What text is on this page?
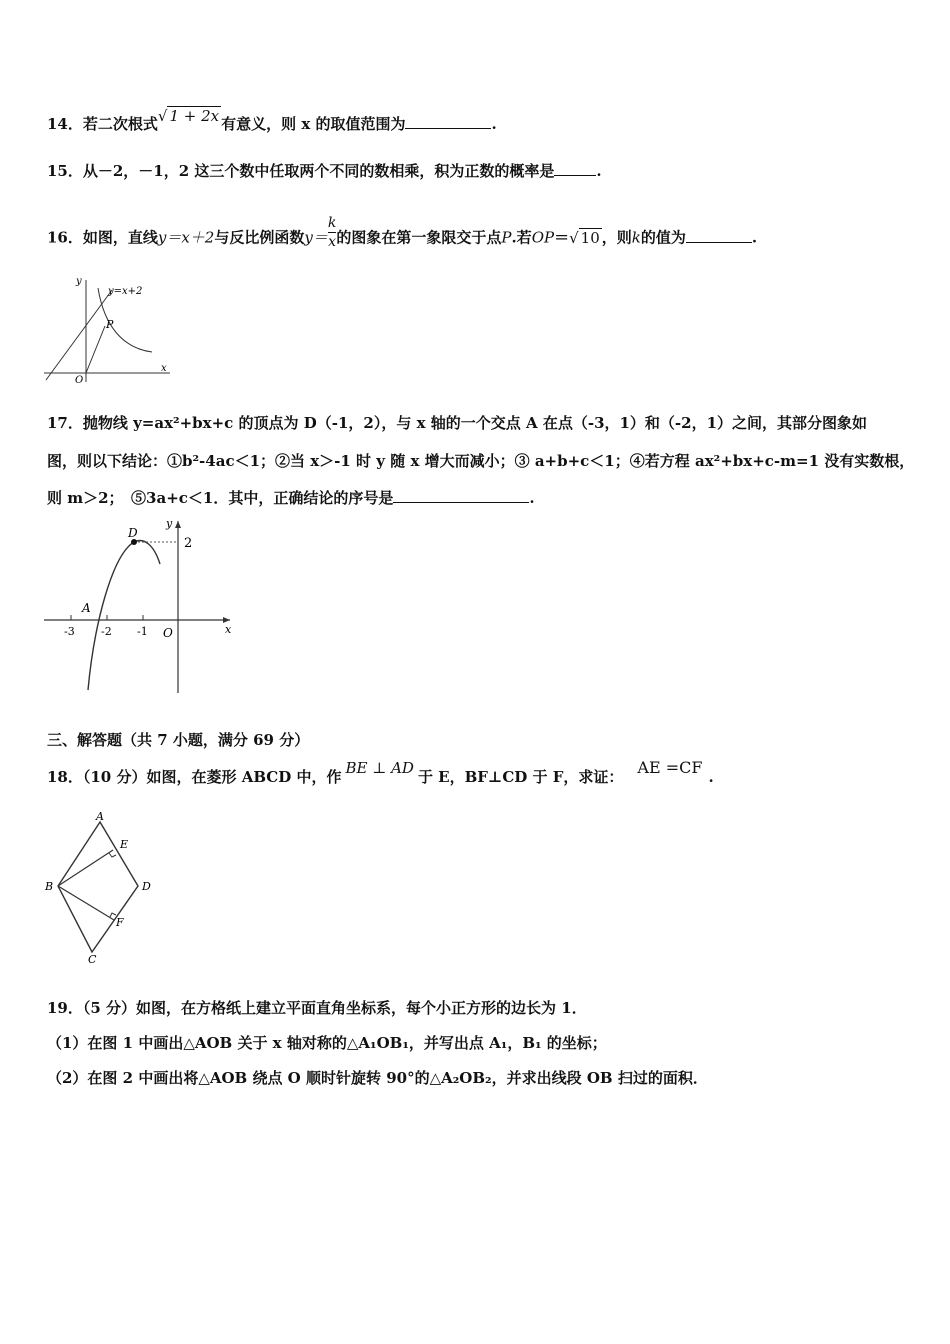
14．若二次根式√ 1 + 2x 有意义，则 x 的取值范围为	.
15．从－2，－1，2 这三个数中任取两个不同的数相乘，积为正数的概率是	.
16．如图，直线y＝x＋2与反比例函数$y= \frac{k}{x}$ 的图象在第一象限交于点P.若OP＝√ 10 ，则k的值为	.
y
y=x+2
P
O
x
17．抛物线 y=ax²+bx+c 的顶点为 D（-1，2），与 x 轴的一个交点 A 在点（-3，1）和（-2，1）之间，其部分图象如
图，则以下结论：①b²-4ac＜1；②当 x＞-1 时 y 随 x 增大而减小；③ a+b+c＜1；④若方程 ax²+bx+c-m=1 没有实数根，
则 m＞2；　⑤3a+c＜1．其中，正确结论的序号是	.
D
y
2
A
-3 -2 -1 O	x
三、解答题（共 7 小题，满分 69 分）
18．（10 分）如图，在菱形 ABCD 中，作 BE ⊥ AD 于 E，BF⊥CD 于 F，求证： AE =CF .
A
E
B	D
F
C
19．（5 分）如图，在方格纸上建立平面直角坐标系，每个小正方形的边长为 1．
（1）在图 1 中画出△AOB 关于 x 轴对称的△A₁OB₁，并写出点 A₁，B₁ 的坐标；
（2）在图 2 中画出将△AOB 绕点 O 顺时针旋转 90°的△A₂OB₂，并求出线段 OB 扫过的面积．
